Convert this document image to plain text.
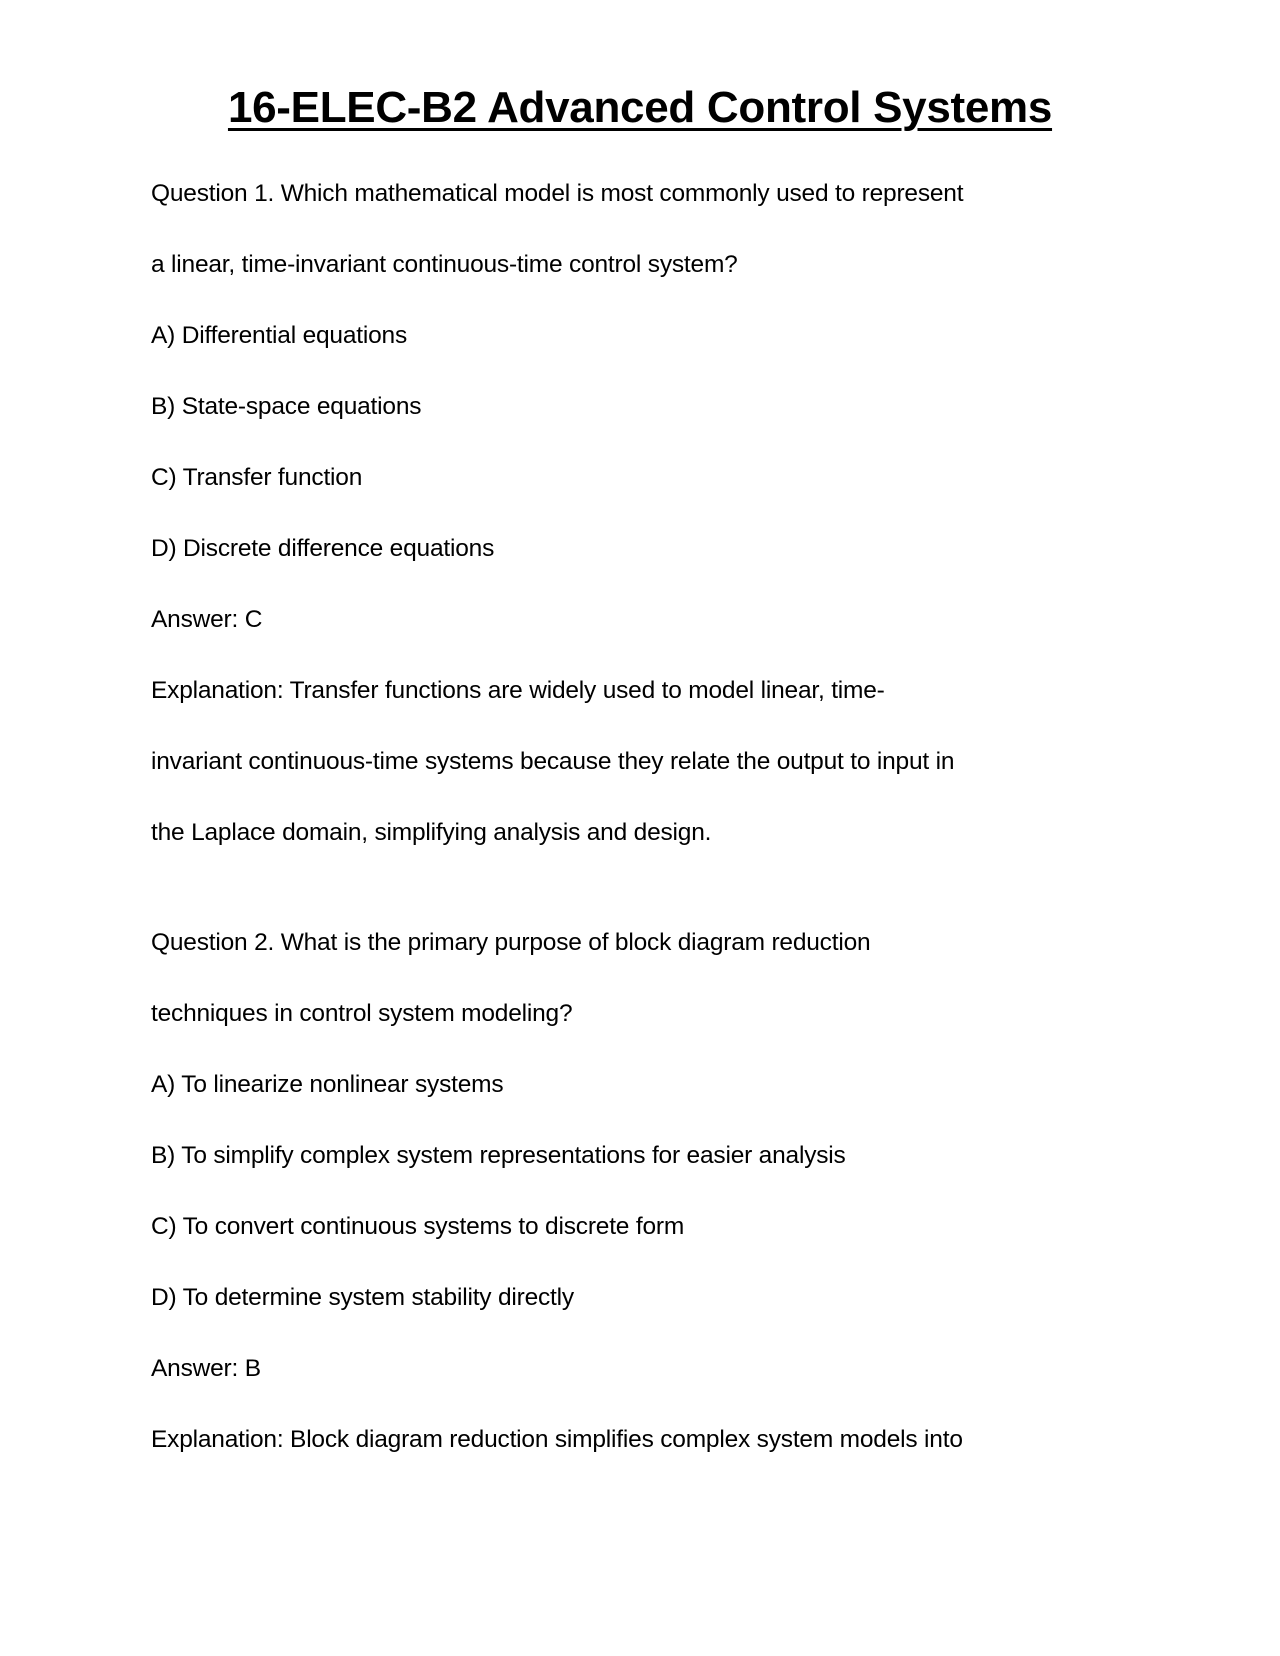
16-ELEC-B2 Advanced Control Systems

Question 1. Which mathematical model is most commonly used to represent

a linear, time-invariant continuous-time control system?

A) Differential equations

B) State-space equations

C) Transfer function

D) Discrete difference equations

Answer: C

Explanation: Transfer functions are widely used to model linear, time-

invariant continuous-time systems because they relate the output to input in

the Laplace domain, simplifying analysis and design.

Question 2. What is the primary purpose of block diagram reduction

techniques in control system modeling?

A) To linearize nonlinear systems

B) To simplify complex system representations for easier analysis

C) To convert continuous systems to discrete form

D) To determine system stability directly

Answer: B

Explanation: Block diagram reduction simplifies complex system models into
